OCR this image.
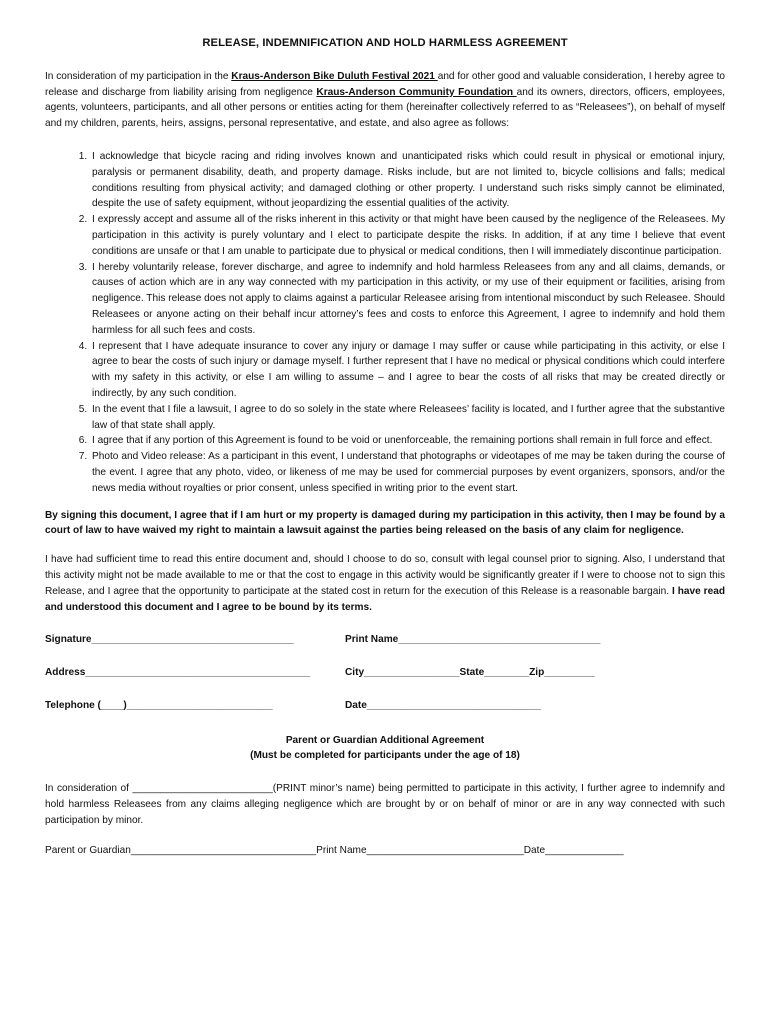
RELEASE, INDEMNIFICATION AND HOLD HARMLESS AGREEMENT

In consideration of my participation in the Kraus-Anderson Bike Duluth Festival 2021 and for other good and valuable consideration, I hereby agree to release and discharge from liability arising from negligence Kraus-Anderson Community Foundation and its owners, directors, officers, employees, agents, volunteers, participants, and all other persons or entities acting for them (hereinafter collectively referred to as “Releasees”), on behalf of myself and my children, parents, heirs, assigns, personal representative, and estate, and also agree as follows:

1. I acknowledge that bicycle racing and riding involves known and unanticipated risks which could result in physical or emotional injury, paralysis or permanent disability, death, and property damage. Risks include, but are not limited to, bicycle collisions and falls; medical conditions resulting from physical activity; and damaged clothing or other property. I understand such risks simply cannot be eliminated, despite the use of safety equipment, without jeopardizing the essential qualities of the activity.
2. I expressly accept and assume all of the risks inherent in this activity or that might have been caused by the negligence of the Releasees. My participation in this activity is purely voluntary and I elect to participate despite the risks. In addition, if at any time I believe that event conditions are unsafe or that I am unable to participate due to physical or medical conditions, then I will immediately discontinue participation.
3. I hereby voluntarily release, forever discharge, and agree to indemnify and hold harmless Releasees from any and all claims, demands, or causes of action which are in any way connected with my participation in this activity, or my use of their equipment or facilities, arising from negligence. This release does not apply to claims against a particular Releasee arising from intentional misconduct by such Releasee. Should Releasees or anyone acting on their behalf incur attorney’s fees and costs to enforce this Agreement, I agree to indemnify and hold them harmless for all such fees and costs.
4. I represent that I have adequate insurance to cover any injury or damage I may suffer or cause while participating in this activity, or else I agree to bear the costs of such injury or damage myself. I further represent that I have no medical or physical conditions which could interfere with my safety in this activity, or else I am willing to assume – and I agree to bear the costs of all risks that may be created directly or indirectly, by any such condition.
5. In the event that I file a lawsuit, I agree to do so solely in the state where Releasees’ facility is located, and I further agree that the substantive law of that state shall apply.
6. I agree that if any portion of this Agreement is found to be void or unenforceable, the remaining portions shall remain in full force and effect.
7. Photo and Video release: As a participant in this event, I understand that photographs or videotapes of me may be taken during the course of the event. I agree that any photo, video, or likeness of me may be used for commercial purposes by event organizers, sponsors, and/or the news media without royalties or prior consent, unless specified in writing prior to the event start.

By signing this document, I agree that if I am hurt or my property is damaged during my participation in this activity, then I may be found by a court of law to have waived my right to maintain a lawsuit against the parties being released on the basis of any claim for negligence.

I have had sufficient time to read this entire document and, should I choose to do so, consult with legal counsel prior to signing. Also, I understand that this activity might not be made available to me or that the cost to engage in this activity would be significantly greater if I were to choose not to sign this Release, and I agree that the opportunity to participate at the stated cost in return for the execution of this Release is a reasonable bargain. I have read and understood this document and I agree to be bound by its terms.

Signature____________________________________	Print Name____________________________________
Address________________________________________	City_________________State________Zip_________
Telephone (____)__________________________	Date_______________________________
Parent or Guardian Additional Agreement
(Must be completed for participants under the age of 18)

In consideration of _________________________(PRINT minor’s name) being permitted to participate in this activity, I further agree to indemnify and hold harmless Releasees from any claims alleging negligence which are brought by or on behalf of minor or are in any way connected with such participation by minor.

Parent or Guardian_________________________________Print Name____________________________Date______________
